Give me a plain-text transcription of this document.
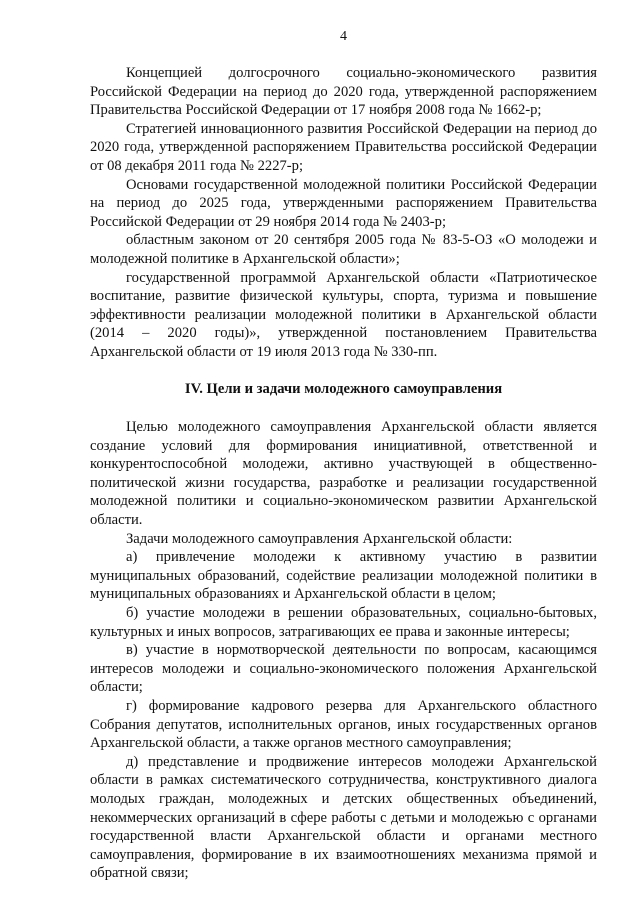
4

Концепцией долгосрочного социально-экономического развития Российской Федерации на период до 2020 года, утвержденной распоряжением Правительства Российской Федерации от 17 ноября 2008 года № 1662-р;

Стратегией инновационного развития Российской Федерации на период до 2020 года, утвержденной распоряжением Правительства российской Федерации от 08 декабря 2011 года № 2227-р;

Основами государственной молодежной политики Российской Федерации на период до 2025 года, утвержденными распоряжением Правительства Российской Федерации от 29 ноября 2014 года № 2403-р;

областным законом от 20 сентября 2005 года № 83-5-ОЗ «О молодежи и молодежной политике в Архангельской области»;

государственной программой Архангельской области «Патриотическое воспитание, развитие физической культуры, спорта, туризма и повышение эффективности реализации молодежной политики в Архангельской области (2014 – 2020 годы)», утвержденной постановлением Правительства Архангельской области от 19 июля 2013 года № 330-пп.

IV. Цели и задачи молодежного самоуправления

Целью молодежного самоуправления Архангельской области является создание условий для формирования инициативной, ответственной и конкурентоспособной молодежи, активно участвующей в общественно-политической жизни государства, разработке и реализации государственной молодежной политики и социально-экономическом развитии Архангельской области.

Задачи молодежного самоуправления Архангельской области:

а) привлечение молодежи к активному участию в развитии муниципальных образований, содействие реализации молодежной политики в муниципальных образованиях и Архангельской области в целом;

б) участие молодежи в решении образовательных, социально-бытовых, культурных и иных вопросов, затрагивающих ее права и законные интересы;

в) участие в нормотворческой деятельности по вопросам, касающимся интересов молодежи и социально-экономического положения Архангельской области;

г) формирование кадрового резерва для Архангельского областного Собрания депутатов, исполнительных органов, иных государственных органов Архангельской области, а также органов местного самоуправления;

д) представление и продвижение интересов молодежи Архангельской области в рамках систематического сотрудничества, конструктивного диалога молодых граждан, молодежных и детских общественных объединений, некоммерческих организаций в сфере работы с детьми и молодежью с органами государственной власти Архангельской области и органами местного самоуправления, формирование в их взаимоотношениях механизма прямой и обратной связи;
